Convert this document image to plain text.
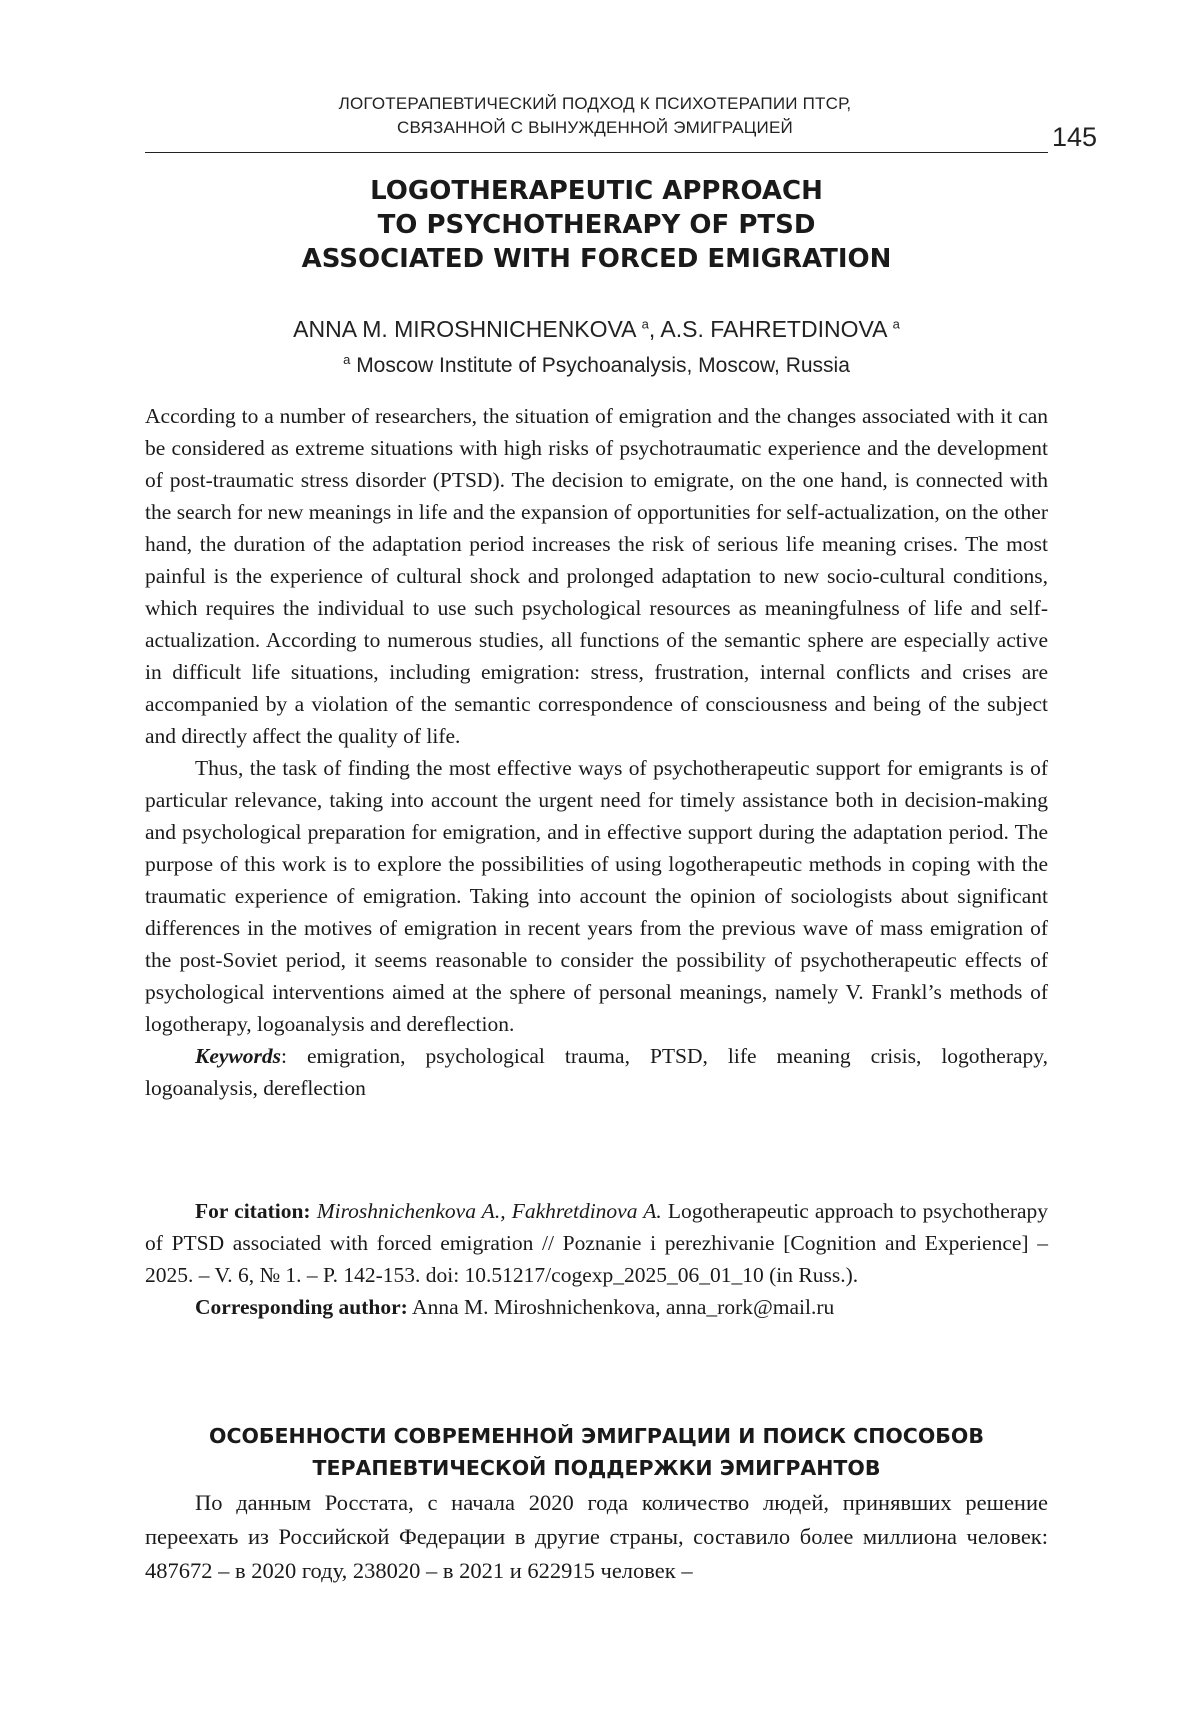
ЛОГОТЕРАПЕВТИЧЕСКИЙ ПОДХОД К ПСИХОТЕРАПИИ ПТСР,
СВЯЗАННОЙ С ВЫНУЖДЕННОЙ ЭМИГРАЦИЕЙ	145
LOGOTHERAPEUTIC APPROACH
TO PSYCHOTHERAPY OF PTSD
ASSOCIATED WITH FORCED EMIGRATION
ANNA M. MIROSHNICHENKOVA $^a$, A.S. FAHRETDINOVA $^a$
$^a$ Moscow Institute of Psychoanalysis, Moscow, Russia

According to a number of researchers, the situation of emigration and the changes associated with it can be considered as extreme situations with high risks of psychotraumatic experience and the development of post-traumatic stress disorder (PTSD). The decision to emigrate, on the one hand, is connected with the search for new meanings in life and the expansion of opportunities for self-actualization, on the other hand, the duration of the adaptation period increases the risk of serious life meaning crises. The most painful is the experience of cultural shock and prolonged adaptation to new socio-cultural conditions, which requires the individual to use such psychological resources as meaningfulness of life and self-actualization. According to numerous studies, all functions of the semantic sphere are especially active in difficult life situations, including emigration: stress, frustration, internal conflicts and crises are accompanied by a violation of the semantic correspondence of consciousness and being of the subject and directly affect the quality of life.

Thus, the task of finding the most effective ways of psychotherapeutic support for emigrants is of particular relevance, taking into account the urgent need for timely assistance both in decision-making and psychological preparation for emigration, and in effective support during the adaptation period. The purpose of this work is to explore the possibilities of using logotherapeutic methods in coping with the traumatic experience of emigration. Taking into account the opinion of sociologists about significant differences in the motives of emigration in recent years from the previous wave of mass emigration of the post-Soviet period, it seems reasonable to consider the possibility of psychotherapeutic effects of psychological interventions aimed at the sphere of personal meanings, namely V. Frankl’s methods of logotherapy, logoanalysis and dereflection.

Keywords: emigration, psychological trauma, PTSD, life meaning crisis, logotherapy, logoanalysis, dereflection

For citation: Miroshnichenkova A., Fakhretdinova A. Logotherapeutic approach to psychotherapy of PTSD associated with forced emigration // Poznanie i perezhivanie [Cognition and Experience] – 2025. – V. 6, № 1. – P. 142-153. doi: 10.51217/cogexp_2025_06_01_10 (in Russ.).

Corresponding author: Anna M. Miroshnichenkova, anna_rork@mail.ru

ОСОБЕННОСТИ СОВРЕМЕННОЙ ЭМИГРАЦИИ И ПОИСК СПОСОБОВ
ТЕРАПЕВТИЧЕСКОЙ ПОДДЕРЖКИ ЭМИГРАНТОВ

По данным Росстата, с начала 2020 года количество людей, принявших решение переехать из Российской Федерации в другие страны, составило более миллиона человек: 487672 – в 2020 году, 238020 – в 2021 и 622915 человек –
